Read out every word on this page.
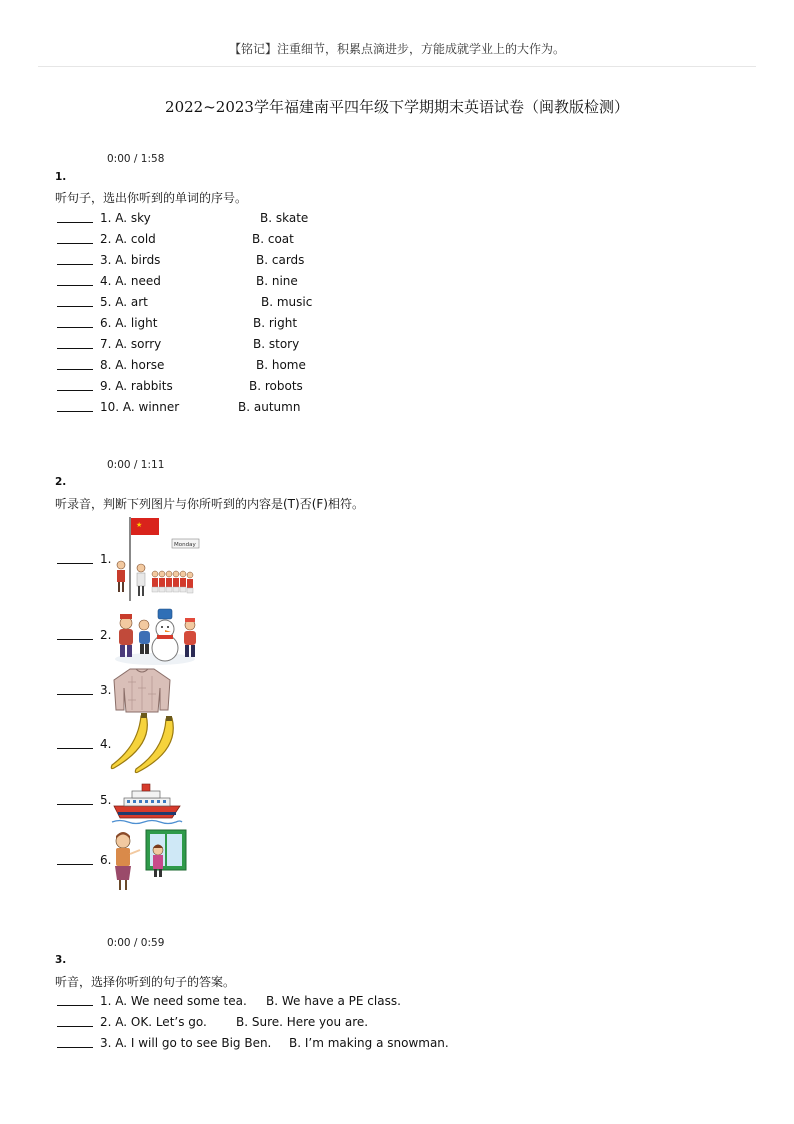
【铭记】注重细节，积累点滴进步，方能成就学业上的大作为。
2022~2023学年福建南平四年级下学期期末英语试卷（闽教版检测）
0:00 / 1:58
1.
听句子，选出你听到的单词的序号。
1. A. sky	B. skate
2. A. cold	B. coat
3. A. birds	B. cards
4. A. need	B. nine
5. A. art	B. music
6. A. light	B. right
7. A. sorry	B. story
8. A. horse	B. home
9. A. rabbits	B. robots
10. A. winner	B. autumn
0:00 / 1:11
2.
听录音，判断下列图片与你所听到的内容是(T)否(F)相符。
1.
★
Monday
2.
3.
4.
5.
6.
0:00 / 0:59
3.
听音，选择你听到的句子的答案。
1. A. We need some tea. B. We have a PE class.
2. A. OK. Let’s go. B. Sure. Here you are.
3. A. I will go to see Big Ben. B. I’m making a snowman.
